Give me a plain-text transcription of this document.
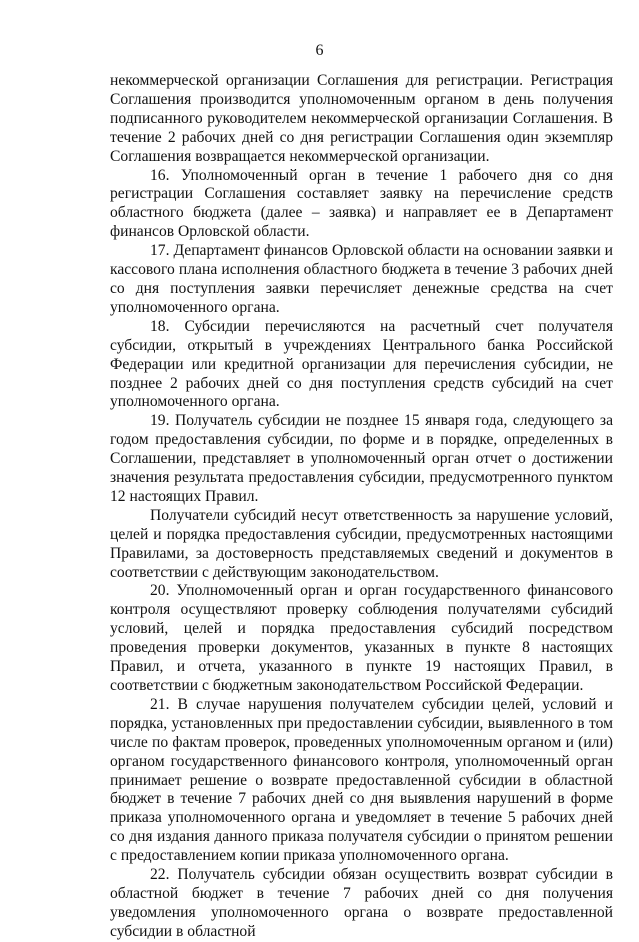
6

некоммерческой организации Соглашения для регистрации. Регистрация Соглашения производится уполномоченным органом в день получения подписанного руководителем некоммерческой организации Соглашения. В течение 2 рабочих дней со дня регистрации Соглашения один экземпляр Соглашения возвращается некоммерческой организации.

16. Уполномоченный орган в течение 1 рабочего дня со дня регистрации Соглашения составляет заявку на перечисление средств областного бюджета (далее – заявка) и направляет ее в Департамент финансов Орловской области.

17. Департамент финансов Орловской области на основании заявки и кассового плана исполнения областного бюджета в течение 3 рабочих дней со дня поступления заявки перечисляет денежные средства на счет уполномоченного органа.

18. Субсидии перечисляются на расчетный счет получателя субсидии, открытый в учреждениях Центрального банка Российской Федерации или кредитной организации для перечисления субсидии, не позднее 2 рабочих дней со дня поступления средств субсидий на счет уполномоченного органа.

19. Получатель субсидии не позднее 15 января года, следующего за годом предоставления субсидии, по форме и в порядке, определенных в Соглашении, представляет в уполномоченный орган отчет о достижении значения результата предоставления субсидии, предусмотренного пунктом 12 настоящих Правил.

Получатели субсидий несут ответственность за нарушение условий, целей и порядка предоставления субсидии, предусмотренных настоящими Правилами, за достоверность представляемых сведений и документов в соответствии с действующим законодательством.

20. Уполномоченный орган и орган государственного финансового контроля осуществляют проверку соблюдения получателями субсидий условий, целей и порядка предоставления субсидий посредством проведения проверки документов, указанных в пункте 8 настоящих Правил, и отчета, указанного в пункте 19 настоящих Правил, в соответствии с бюджетным законодательством Российской Федерации.

21. В случае нарушения получателем субсидии целей, условий и порядка, установленных при предоставлении субсидии, выявленного в том числе по фактам проверок, проведенных уполномоченным органом и (или) органом государственного финансового контроля, уполномоченный орган принимает решение о возврате предоставленной субсидии в областной бюджет в течение 7 рабочих дней со дня выявления нарушений в форме приказа уполномоченного органа и уведомляет в течение 5 рабочих дней со дня издания данного приказа получателя субсидии о принятом решении с предоставлением копии приказа уполномоченного органа.

22. Получатель субсидии обязан осуществить возврат субсидии в областной бюджет в течение 7 рабочих дней со дня получения уведомления уполномоченного органа о возврате предоставленной субсидии в областной
